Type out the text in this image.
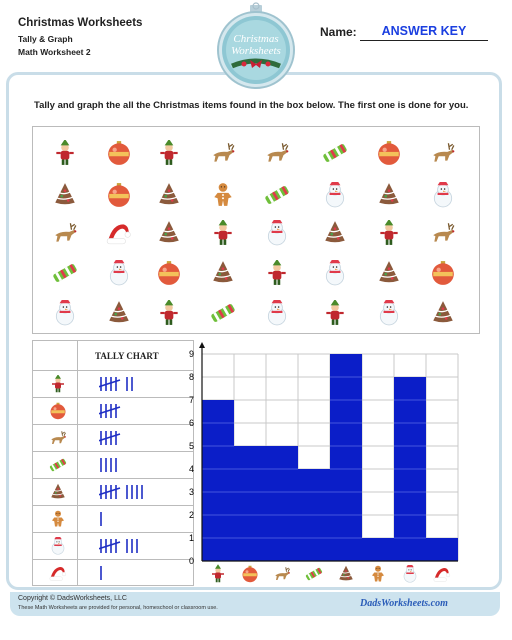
Christmas Worksheets
Tally & Graph
Math Worksheet 2
Christmas
Worksheets
Name:	ANSWER KEY
Tally and graph the all the Christmas items found in the box below. The first one is done for you.
TALLY CHART
0
1
2
3
4
5
6
7
8
9
Copyright © DadsWorksheets, LLC
These Math Worksheets are provided for personal, homeschool or classroom use.	DadsWorksheets.com
